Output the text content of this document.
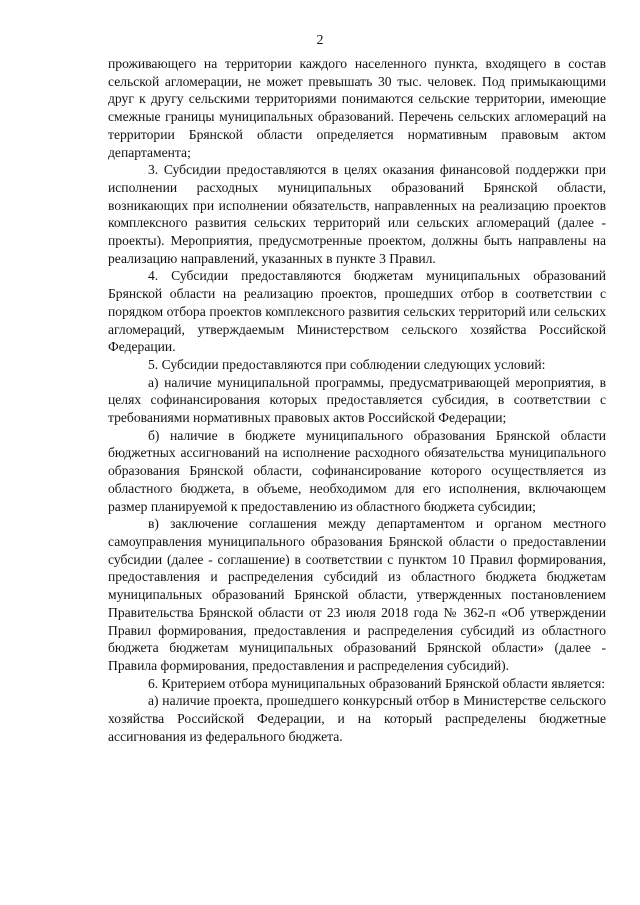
2

проживающего на территории каждого населенного пункта, входящего в состав сельской агломерации, не может превышать 30 тыс. человек. Под примыкающими друг к другу сельскими территориями понимаются сельские территории, имеющие смежные границы муниципальных образований. Перечень сельских агломераций на территории Брянской области определяется нормативным правовым актом департамента;

3. Субсидии предоставляются в целях оказания финансовой поддержки при исполнении расходных муниципальных образований Брянской области, возникающих при исполнении обязательств, направленных на реализацию проектов комплексного развития сельских территорий или сельских агломераций (далее - проекты). Мероприятия, предусмотренные проектом, должны быть направлены на реализацию направлений, указанных в пункте 3 Правил.

4. Субсидии предоставляются бюджетам муниципальных образований Брянской области на реализацию проектов, прошедших отбор в соответствии с порядком отбора проектов комплексного развития сельских территорий или сельских агломераций, утверждаемым Министерством сельского хозяйства Российской Федерации.

5. Субсидии предоставляются при соблюдении следующих условий:

а) наличие муниципальной программы, предусматривающей мероприятия, в целях софинансирования которых предоставляется субсидия, в соответствии с требованиями нормативных правовых актов Российской Федерации;

б) наличие в бюджете муниципального образования Брянской области бюджетных ассигнований на исполнение расходного обязательства муниципального образования Брянской области, софинансирование которого осуществляется из областного бюджета, в объеме, необходимом для его исполнения, включающем размер планируемой к предоставлению из областного бюджета субсидии;

в) заключение соглашения между департаментом и органом местного самоуправления муниципального образования Брянской области о предоставлении субсидии (далее - соглашение) в соответствии с пунктом 10 Правил формирования, предоставления и распределения субсидий из областного бюджета бюджетам муниципальных образований Брянской области, утвержденных постановлением Правительства Брянской области от 23 июля 2018 года № 362-п «Об утверждении Правил формирования, предоставления и распределения субсидий из областного бюджета бюджетам муниципальных образований Брянской области» (далее - Правила формирования, предоставления и распределения субсидий).

6. Критерием отбора муниципальных образований Брянской области является:

а) наличие проекта, прошедшего конкурсный отбор в Министерстве сельского хозяйства Российской Федерации, и на который распределены бюджетные ассигнования из федерального бюджета.
